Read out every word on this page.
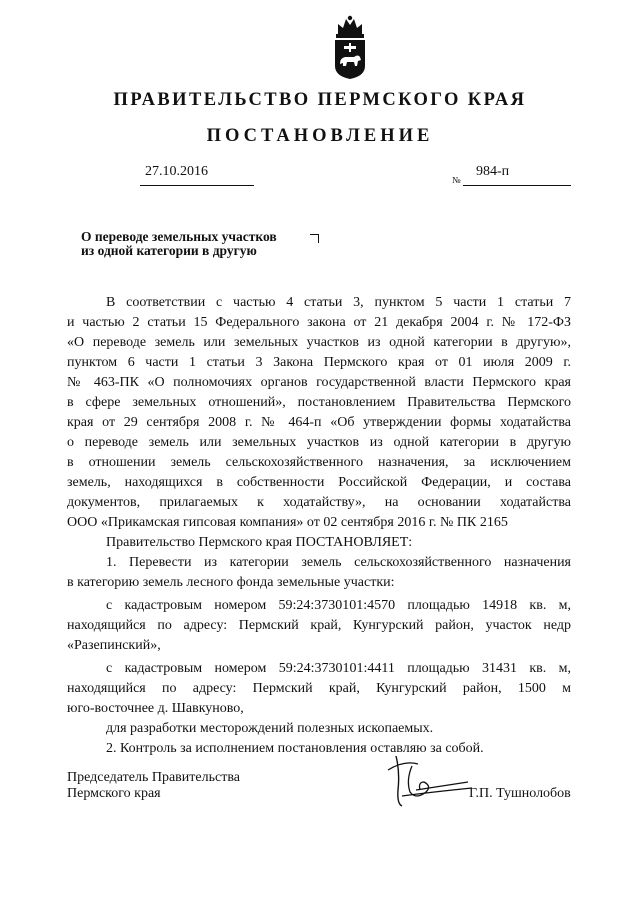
ПРАВИТЕЛЬСТВО ПЕРМСКОГО КРАЯ
ПОСТАНОВЛЕНИЕ
27.10.2016
№
984-п
О переводе земельных участков
из одной категории в другую
В соответствии с частью 4 статьи 3, пунктом 5 части 1 статьи 7
и частью 2 статьи 15 Федерального закона от 21 декабря 2004 г. № 172-ФЗ
«О переводе земель или земельных участков из одной категории в другую»,
пунктом 6 части 1 статьи 3 Закона Пермского края от 01 июля 2009 г.
№ 463-ПК «О полномочиях органов государственной власти Пермского края
в сфере земельных отношений», постановлением Правительства Пермского
края от 29 сентября 2008 г. № 464-п «Об утверждении формы ходатайства
о переводе земель или земельных участков из одной категории в другую
в отношении земель сельскохозяйственного назначения, за исключением
земель, находящихся в собственности Российской Федерации, и состава
документов, прилагаемых к ходатайству», на основании ходатайства
ООО «Прикамская гипсовая компания» от 02 сентября 2016 г. № ПК 2165
Правительство Пермского края ПОСТАНОВЛЯЕТ:
1. Перевести из категории земель сельскохозяйственного назначения
в категорию земель лесного фонда земельные участки:
с кадастровым номером 59:24:3730101:4570 площадью 14918 кв. м,
находящийся по адресу: Пермский край, Кунгурский район, участок недр
«Разепинский»,
с кадастровым номером 59:24:3730101:4411 площадью 31431 кв. м,
находящийся по адресу: Пермский край, Кунгурский район, 1500 м
юго-восточнее д. Шавкуново,
для разработки месторождений полезных ископаемых.
2. Контроль за исполнением постановления оставляю за собой.
Председатель Правительства
Пермского края	Г.П. Тушнолобов
